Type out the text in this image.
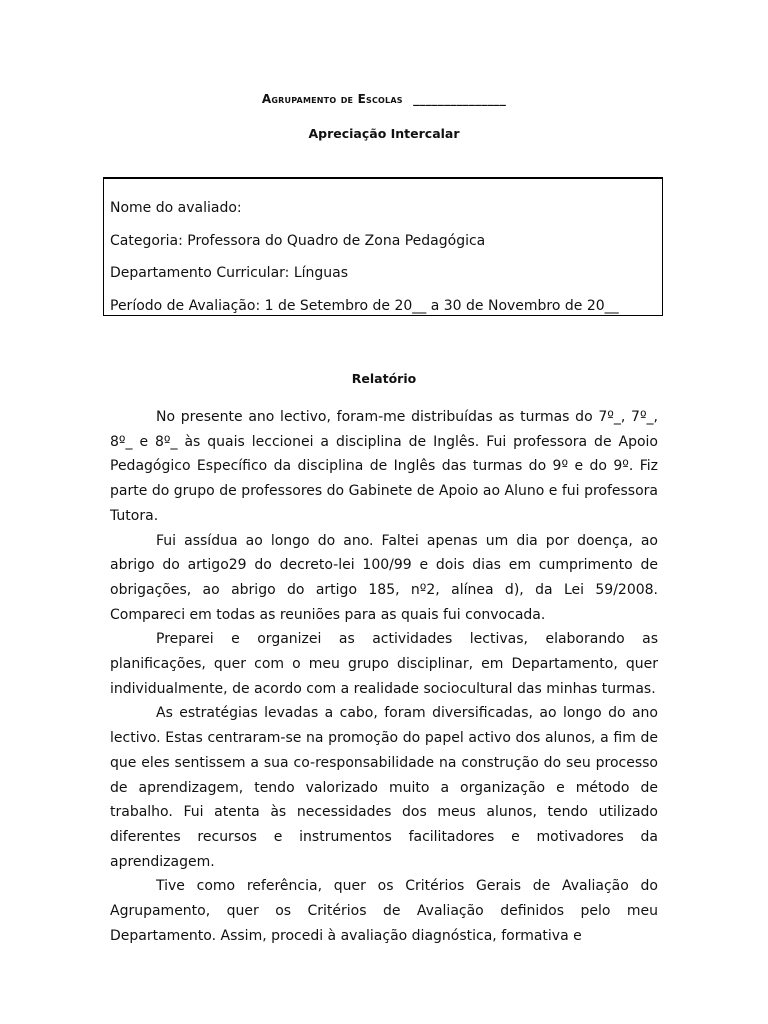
Agrupamento de Escolas _______________
Apreciação Intercalar
Nome do avaliado:
Categoria: Professora do Quadro de Zona Pedagógica
Departamento Curricular: Línguas
Período de Avaliação: 1 de Setembro de 20__ a 30 de Novembro de 20__
Relatório

No presente ano lectivo, foram-me distribuídas as turmas do 7º_, 7º_, 8º_ e 8º_ às quais leccionei a disciplina de Inglês. Fui professora de Apoio Pedagógico Específico da disciplina de Inglês das turmas do 9º e do 9º. Fiz parte do grupo de professores do Gabinete de Apoio ao Aluno e fui professora Tutora.

Fui assídua ao longo do ano. Faltei apenas um dia por doença, ao abrigo do artigo29 do decreto-lei 100/99 e dois dias em cumprimento de obrigações, ao abrigo do artigo 185, nº2, alínea d), da Lei 59/2008. Compareci em todas as reuniões para as quais fui convocada.

Preparei e organizei as actividades lectivas, elaborando as planificações, quer com o meu grupo disciplinar, em Departamento, quer individualmente, de acordo com a realidade sociocultural das minhas turmas.

As estratégias levadas a cabo, foram diversificadas, ao longo do ano lectivo. Estas centraram-se na promoção do papel activo dos alunos, a fim de que eles sentissem a sua co-responsabilidade na construção do seu processo de aprendizagem, tendo valorizado muito a organização e método de trabalho. Fui atenta às necessidades dos meus alunos, tendo utilizado diferentes recursos e instrumentos facilitadores e motivadores da aprendizagem.

Tive como referência, quer os Critérios Gerais de Avaliação do Agrupamento, quer os Critérios de Avaliação definidos pelo meu Departamento. Assim, procedi à avaliação diagnóstica, formativa e
